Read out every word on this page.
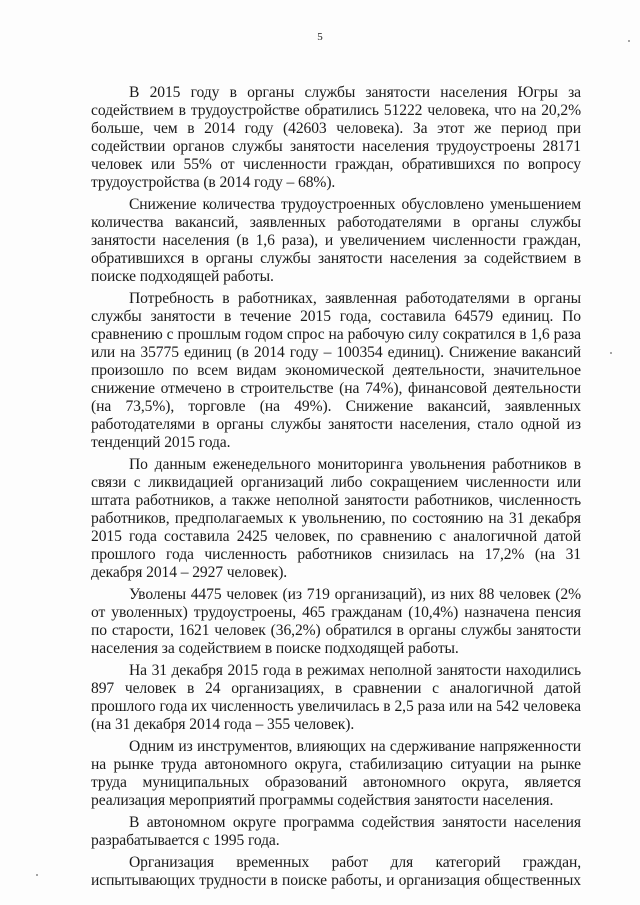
5

В 2015 году в органы службы занятости населения Югры за содействием в трудоустройстве обратились 51222 человека, что на 20,2% больше, чем в 2014 году (42603 человека). За этот же период при содействии органов службы занятости населения трудоустроены 28171 человек или 55% от численности граждан, обратившихся по вопросу трудоустройства (в 2014 году – 68%).

Снижение количества трудоустроенных обусловлено уменьшением количества вакансий, заявленных работодателями в органы службы занятости населения (в 1,6 раза), и увеличением численности граждан, обратившихся в органы службы занятости населения за содействием в поиске подходящей работы.

Потребность в работниках, заявленная работодателями в органы службы занятости в течение 2015 года, составила 64579 единиц. По сравнению с прошлым годом спрос на рабочую силу сократился в 1,6 раза или на 35775 единиц (в 2014 году – 100354 единиц). Снижение вакансий произошло по всем видам экономической деятельности, значительное снижение отмечено в строительстве (на 74%), финансовой деятельности (на 73,5%), торговле (на 49%). Снижение вакансий, заявленных работодателями в органы службы занятости населения, стало одной из тенденций 2015 года.

По данным еженедельного мониторинга увольнения работников в связи с ликвидацией организаций либо сокращением численности или штата работников, а также неполной занятости работников, численность работников, предполагаемых к увольнению, по состоянию на 31 декабря 2015 года составила 2425 человек, по сравнению с аналогичной датой прошлого года численность работников снизилась на 17,2% (на 31 декабря 2014 – 2927 человек).

Уволены 4475 человек (из 719 организаций), из них 88 человек (2% от уволенных) трудоустроены, 465 гражданам (10,4%) назначена пенсия по старости, 1621 человек (36,2%) обратился в органы службы занятости населения за содействием в поиске подходящей работы.

На 31 декабря 2015 года в режимах неполной занятости находились 897 человек в 24 организациях, в сравнении с аналогичной датой прошлого года их численность увеличилась в 2,5 раза или на 542 человека (на 31 декабря 2014 года – 355 человек).

Одним из инструментов, влияющих на сдерживание напряженности на рынке труда автономного округа, стабилизацию ситуации на рынке труда муниципальных образований автономного округа, является реализация мероприятий программы содействия занятости населения.

В автономном округе программа содействия занятости населения разрабатывается с 1995 года.

Организация временных работ для категорий граждан, испытывающих трудности в поиске работы, и организация общественных
